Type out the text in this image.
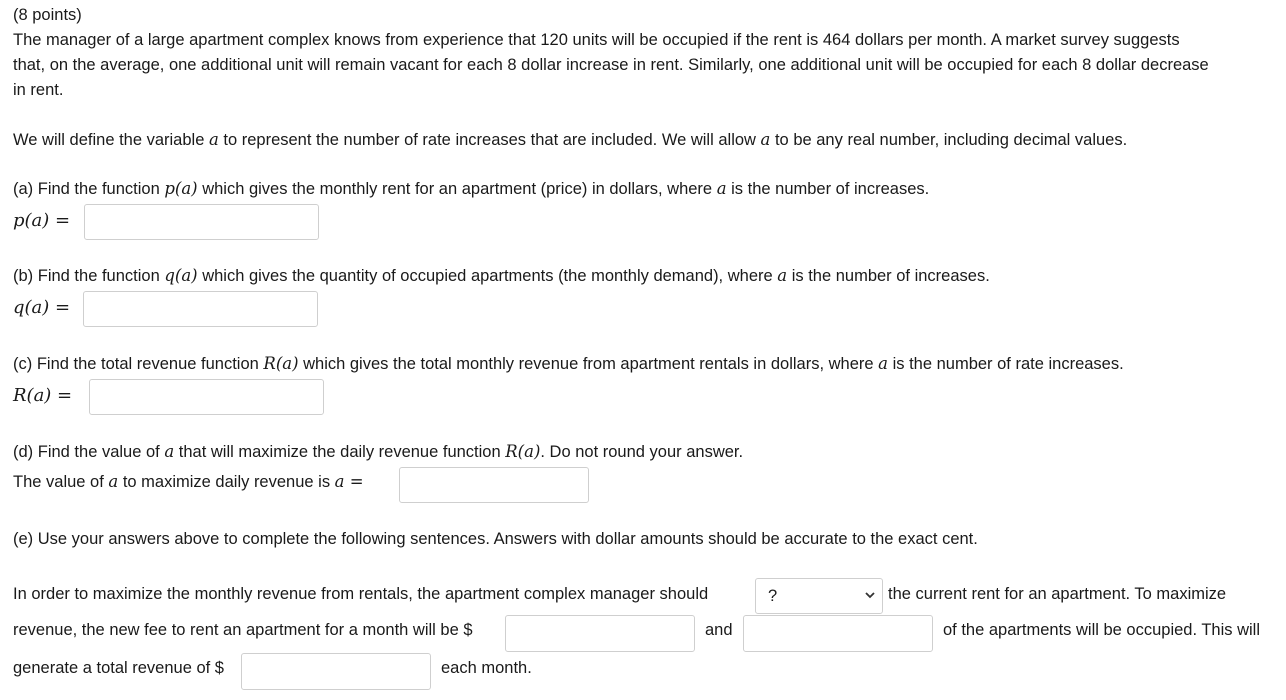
(8 points)
The manager of a large apartment complex knows from experience that 120 units will be occupied if the rent is 464 dollars per month. A market survey suggests
that, on the average, one additional unit will remain vacant for each 8 dollar increase in rent. Similarly, one additional unit will be occupied for each 8 dollar decrease
in rent.
We will define the variable a to represent the number of rate increases that are included. We will allow a to be any real number, including decimal values.
(a) Find the function p(a) which gives the monthly rent for an apartment (price) in dollars, where a is the number of increases.
p(a) =
(b) Find the function q(a) which gives the quantity of occupied apartments (the monthly demand), where a is the number of increases.
q(a) =
(c) Find the total revenue function R(a) which gives the total monthly revenue from apartment rentals in dollars, where a is the number of rate increases.
R(a) =
(d) Find the value of a that will maximize the daily revenue function R(a). Do not round your answer.
The value of a to maximize daily revenue is a =
(e) Use your answers above to complete the following sentences. Answers with dollar amounts should be accurate to the exact cent.
In order to maximize the monthly revenue from rentals, the apartment complex manager should	?	the current rent for an apartment. To maximize
revenue, the new fee to rent an apartment for a month will be $	and	of the apartments will be occupied. This will
generate a total revenue of $	each month.
